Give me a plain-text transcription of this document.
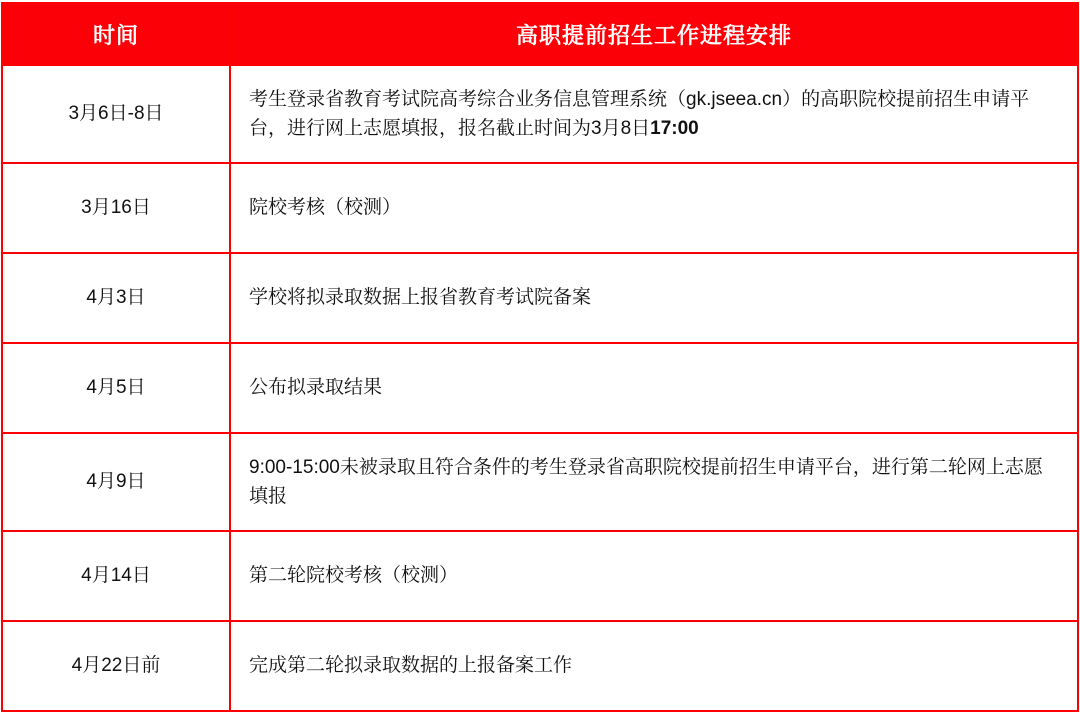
时间	高职提前招生工作进程安排
3月6日-8日	考生登录省教育考试院高考综合业务信息管理系统（gk.jseea.cn）的高职院校提前招生申请平台，进行网上志愿填报，报名截止时间为3月8日17:00
3月16日	院校考核（校测）
4月3日	学校将拟录取数据上报省教育考试院备案
4月5日	公布拟录取结果
4月9日	9:00-15:00未被录取且符合条件的考生登录省高职院校提前招生申请平台，进行第二轮网上志愿填报
4月14日	第二轮院校考核（校测）
4月22日前	完成第二轮拟录取数据的上报备案工作
